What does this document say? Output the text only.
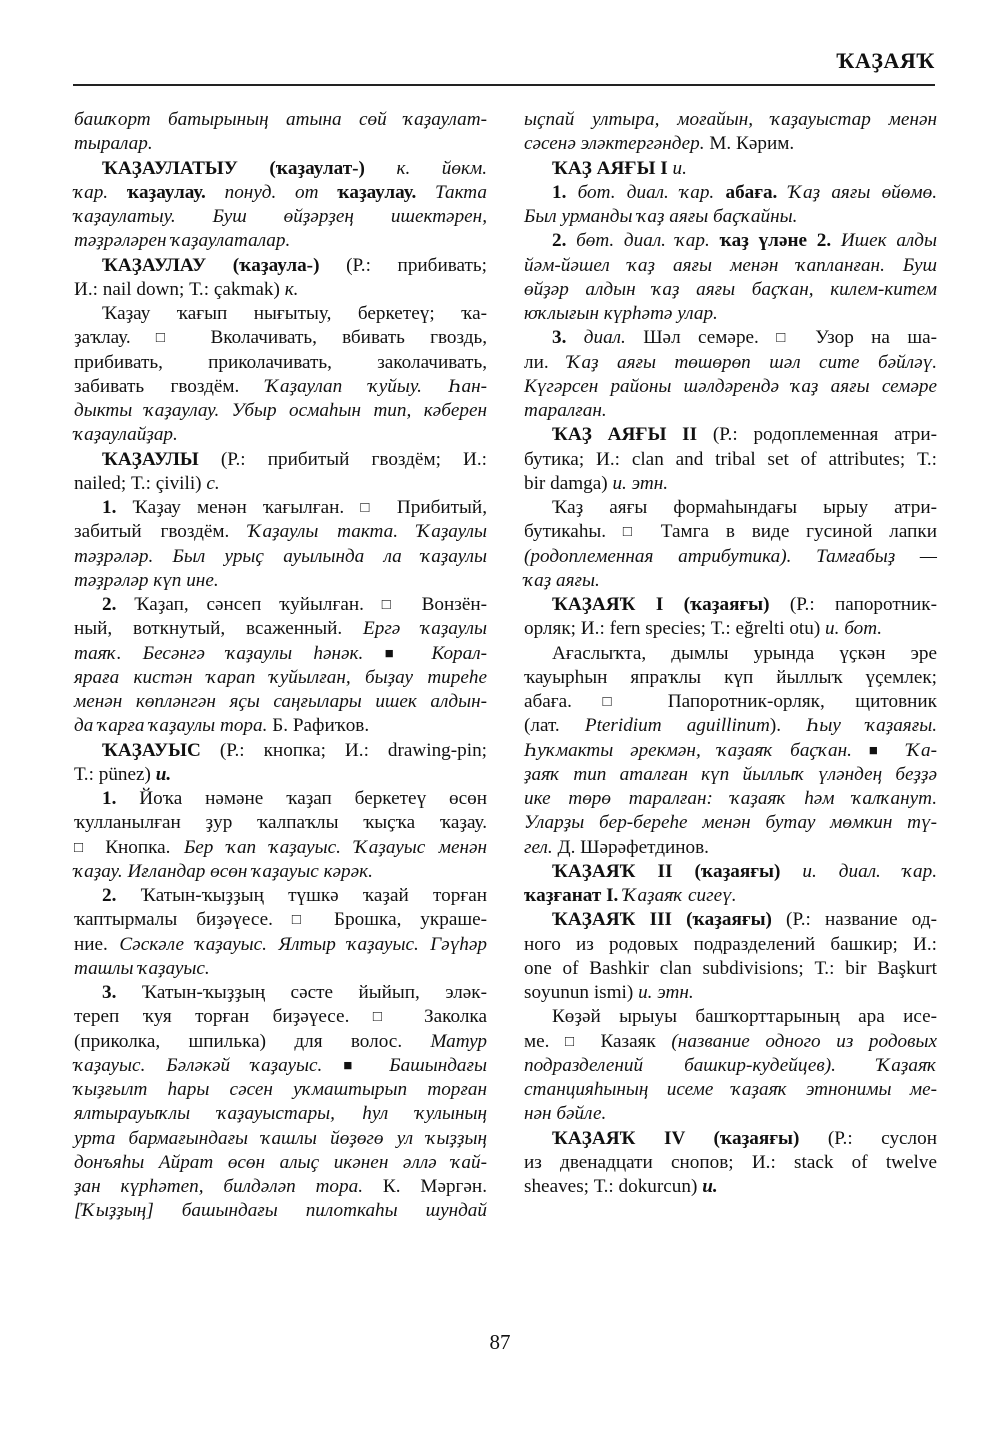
ҠАҘАЯҠ
башҡорт батырының атына сөй ҡаҙаулат-
тыралар.
ҠАҘАУЛАТЫУ (ҡаҙаулат-) к. йөкм.
ҡар. ҡаҙаулау. понуд. от ҡаҙаулау. Такта
ҡаҙаулатыу. Буш өйҙәрҙең ишектәрен,
тәҙрәләрен ҡаҙаулаталар.
ҠАҘАУЛАУ (ҡаҙаула-) (Р.: прибивать;
И.: nail down; Т.: çakmak) к.
Ҡаҙау ҡағып нығытыу, беркетеү; ҡа-
ҙаҡлау. □ Вколачивать, вбивать гвоздь,
прибивать, приколачивать, заколачивать,
забивать гвоздём. Ҡаҙаулап ҡуйыу. Һан-
дыкты ҡаҙаулау. Убыр осмаһын тип, кәберен
ҡаҙаулайҙар.
ҠАҘАУЛЫ (Р.: прибитый гвоздём; И.:
nailed; Т.: çivili) с.
1. Ҡаҙау менән ҡағылған. □ Прибитый,
забитый гвоздём. Ҡаҙаулы такта. Ҡаҙаулы
тәҙрәләр. Был урыҫ ауылында ла ҡаҙаулы
тәҙрәләр күп ине.
2. Ҡаҙап, сәнсеп ҡуйылған. □ Вонзён-
ный, воткнутый, всаженный. Ергә ҡаҙаулы
таяҡ. Бесәнгә ҡаҙаулы һәнәк. ■ Корал-
яраға кистән ҡарап ҡуйылған, быҙау тиреһе
менән көпләнгән яҫы саңғылары ишек алдын-
да ҡарға ҡаҙаулы тора. Б. Рафиҡов.
ҠАҘАУЫС (Р.: кнопка; И.: drawing-pin;
Т.: pünez) и.
1. Йоҡа нәмәне ҡаҙап беркетеү өсөн
ҡулланылған ҙур ҡалпаҡлы ҡыҫҡа ҡаҙау.
□ Кнопка. Бер ҡап ҡаҙауыс. Ҡаҙауыс менән
ҡаҙау. Иғландар өсөн ҡаҙауыс кәрәк.
2. Ҡатын-ҡыҙҙың түшкә ҡаҙай торған
ҡаптырмалы биҙәүесе. □ Брошка, украше-
ние. Сәскәле ҡаҙауыс. Ялтыр ҡаҙауыс. Гәүһәр
ташлы ҡаҙауыс.
3. Ҡатын-ҡыҙҙың сәсте йыйып, эләк-
тереп ҡуя торған биҙәүесе. □ Заколка
(приколка, шпилька) для волос. Матур
ҡаҙауыс. Бәләкәй ҡаҙауыс. ■ Башындағы
ҡыҙғылт һары сәсен уҡмаштырып торған
ялтырауыҡлы ҡаҙауыстары, һул ҡулының
урта бармағындағы ҡашлы йөҙөгө ул ҡыҙҙың
донъяһы Айрат өсөн алыҫ икәнен әллә ҡай-
ҙан күрһәтеп, билдәләп тора. К. Мәргән.
[Ҡыҙҙың] башындағы пилоткаһы шундай
ыҫпай ултыра, моғайын, ҡаҙауыстар менән
сәсенә эләктергәндер. М. Кәрим.
ҠАҘ АЯҒЫ I и.
1. бот. диал. ҡар. абаға. Ҡаҙ аяғы өйөмө.
Был урманды ҡаҙ аяғы баҫҡайны.
2. бөт. диал. ҡар. ҡаҙ үләне 2. Ишек алды
йәм-йәшел ҡаҙ аяғы менән ҡапланған. Буш
өйҙәр алдын ҡаҙ аяғы баҫҡан, килем-китем
юҡлығын күрһәтә улар.
3. диал. Шәл семәре. □ Узор на ша-
ли. Ҡаҙ аяғы төшөрөп шәл сите бәйләү.
Күгәрсен районы шәлдәрендә ҡаҙ аяғы семәре
таралған.
ҠАҘ АЯҒЫ II (Р.: родоплеменная атри-
бутика; И.: clan and tribal set of attributes; Т.:
bir damga) и. этн.
Ҡаҙ аяғы формаһындағы ырыу атри-
бутикаһы. □ Тамга в виде гусиной лапки
(родоплеменная атрибутика). Тамғабыҙ —
ҡаҙ аяғы.
ҠАҘАЯҠ I (ҡаҙаяғы) (Р.: папоротник-
орляк; И.: fern species; Т.: eğrelti otu) и. бот.
Ағаслыҡта, дымлы урында үҫкән эре
ҡауырһын япраҡлы күп йыллыҡ үҫемлек;
абаға. □ Папоротник-орляк, щитовник
(лат. Pteridium aguillinum). Һыу ҡаҙаяғы.
Һуҡмакты әрекмән, ҡаҙаяҡ баҫҡан. ■ Ҡа-
ҙаяҡ тип аталған күп йыллыҡ үләндең беҙҙә
ике төрө таралған: ҡаҙаяҡ һәм ҡалҡанут.
Уларҙы бер-береһе менән бутау мөмкин тү-
гел. Д. Шәрәфетдинов.
ҠАҘАЯҠ II (ҡаҙаяғы) и. диал. ҡар.
ҡаҙғанат I. Ҡаҙаяҡ сигеү.
ҠАҘАЯҠ III (ҡаҙаяғы) (Р.: название од-
ного из родовых подразделений башкир; И.:
one of Bashkir clan subdivisions; Т.: bir Başkurt
soyunun ismi) и. этн.
Көҙәй ырыуы башҡорттарының ара исе-
ме. □ Казаяк (название одного из родовых
подразделений башкир-кудейцев). Ҡаҙаяҡ
станцияһының исеме ҡаҙаяҡ этнонимы ме-
нән бәйле.
ҠАҘАЯҠ IV (ҡаҙаяғы) (Р.: суслон
из двенадцати снопов; И.: stack of twelve
sheaves; Т.: dokurcun) и.
87
